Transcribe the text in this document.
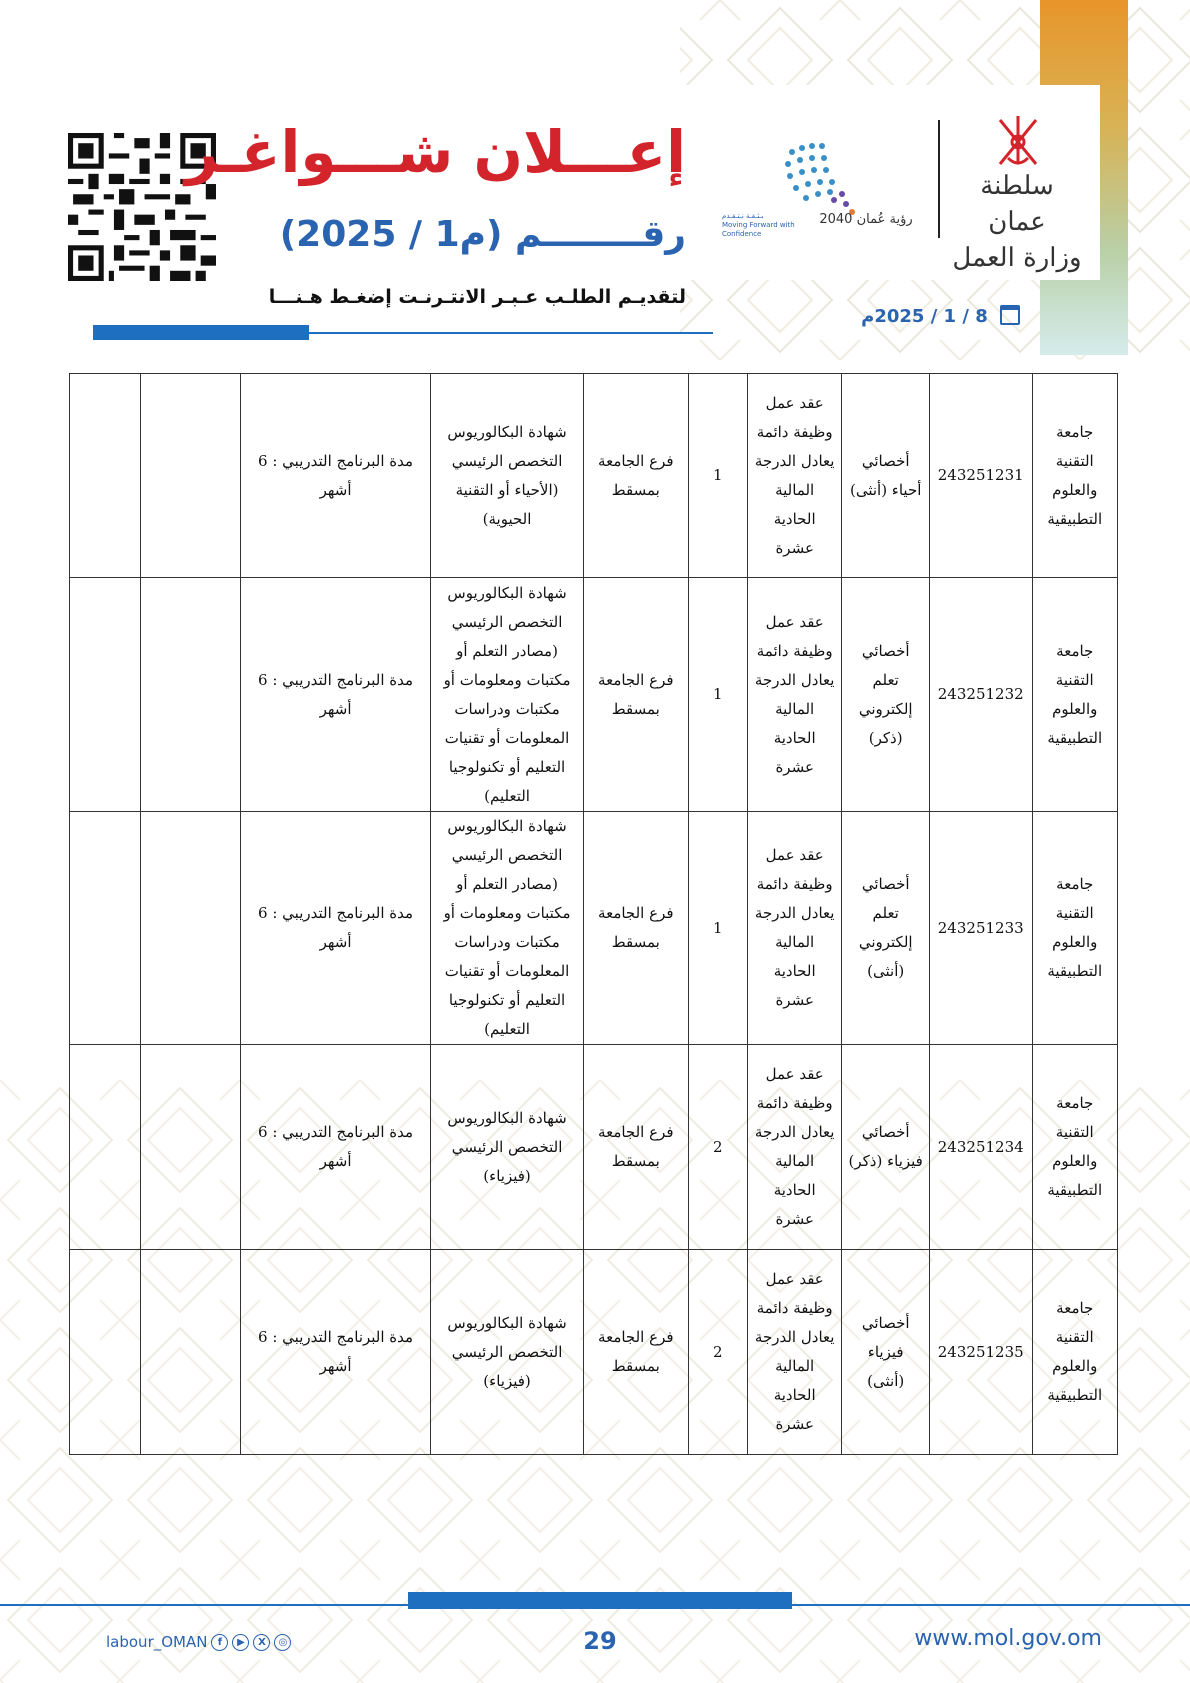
إعـــلان شـــواغـر
رقــــــــم (م1 / 2025)
لتقديـم الطلـب عـبـر الانتـرنـت إضغـط هـنـــا
سلطنة عمان
وزارة العمل
رؤية عُمان 2040
بـثـقـة نـتـقـدم
Moving Forward with Confidence
8 / 1 / 2025م
جامعة التقنية والعلوم التطبيقية	243251231	أخصائي أحياء (أنثى)	عقد عمل وظيفة دائمة يعادل الدرجة المالية الحادية عشرة	1	فرع الجامعة بمسقط	شهادة البكالوريوس التخصص الرئيسي (الأحياء أو التقنية الحيوية)	مدة البرنامج التدريبي : 6 أشهر		
جامعة التقنية والعلوم التطبيقية	243251232	أخصائي تعلم إلكتروني (ذكر)	عقد عمل وظيفة دائمة يعادل الدرجة المالية الحادية عشرة	1	فرع الجامعة بمسقط	شهادة البكالوريوس التخصص الرئيسي (مصادر التعلم أو مكتبات ومعلومات أو مكتبات ودراسات المعلومات أو تقنيات التعليم أو تكنولوجيا التعليم)	مدة البرنامج التدريبي : 6 أشهر		
جامعة التقنية والعلوم التطبيقية	243251233	أخصائي تعلم إلكتروني (أنثى)	عقد عمل وظيفة دائمة يعادل الدرجة المالية الحادية عشرة	1	فرع الجامعة بمسقط	شهادة البكالوريوس التخصص الرئيسي (مصادر التعلم أو مكتبات ومعلومات أو مكتبات ودراسات المعلومات أو تقنيات التعليم أو تكنولوجيا التعليم)	مدة البرنامج التدريبي : 6 أشهر		
جامعة التقنية والعلوم التطبيقية	243251234	أخصائي فيزياء (ذكر)	عقد عمل وظيفة دائمة يعادل الدرجة المالية الحادية عشرة	2	فرع الجامعة بمسقط	شهادة البكالوريوس التخصص الرئيسي (فيزياء)	مدة البرنامج التدريبي : 6 أشهر		
جامعة التقنية والعلوم التطبيقية	243251235	أخصائي فيزياء (أنثى)	عقد عمل وظيفة دائمة يعادل الدرجة المالية الحادية عشرة	2	فرع الجامعة بمسقط	شهادة البكالوريوس التخصص الرئيسي (فيزياء)	مدة البرنامج التدريبي : 6 أشهر		
29	www.mol.gov.om
labour_OMAN	f	▶	X	◎
